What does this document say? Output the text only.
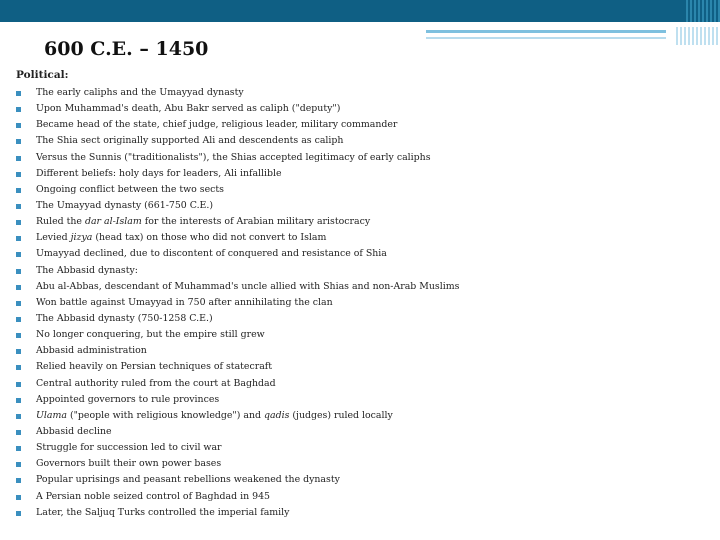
600 C.E. – 1450
Political:
The early caliphs and the Umayyad dynasty
Upon Muhammad's death, Abu Bakr served as caliph ("deputy")
Became head of the state, chief judge, religious leader, military commander
The Shia sect originally supported Ali and descendents as caliph
Versus the Sunnis ("traditionalists"), the Shias accepted legitimacy of early caliphs
Different beliefs: holy days for leaders, Ali infallible
Ongoing conflict between the two sects
The Umayyad dynasty (661-750 C.E.)
Ruled the dar al-Islam for the interests of Arabian military aristocracy
Levied jizya (head tax) on those who did not convert to Islam
Umayyad declined, due to discontent of conquered and resistance of Shia
The Abbasid dynasty:
Abu al-Abbas, descendant of Muhammad's uncle allied with Shias and non-Arab Muslims
Won battle against Umayyad in 750 after annihilating the clan
The Abbasid dynasty (750-1258 C.E.)
No longer conquering, but the empire still grew
Abbasid administration
Relied heavily on Persian techniques of statecraft
Central authority ruled from the court at Baghdad
Appointed governors to rule provinces
Ulama ("people with religious knowledge") and qadis (judges) ruled locally
Abbasid decline
Struggle for succession led to civil war
Governors built their own power bases
Popular uprisings and peasant rebellions weakened the dynasty
A Persian noble seized control of Baghdad in 945
Later, the Saljuq Turks controlled the imperial family
